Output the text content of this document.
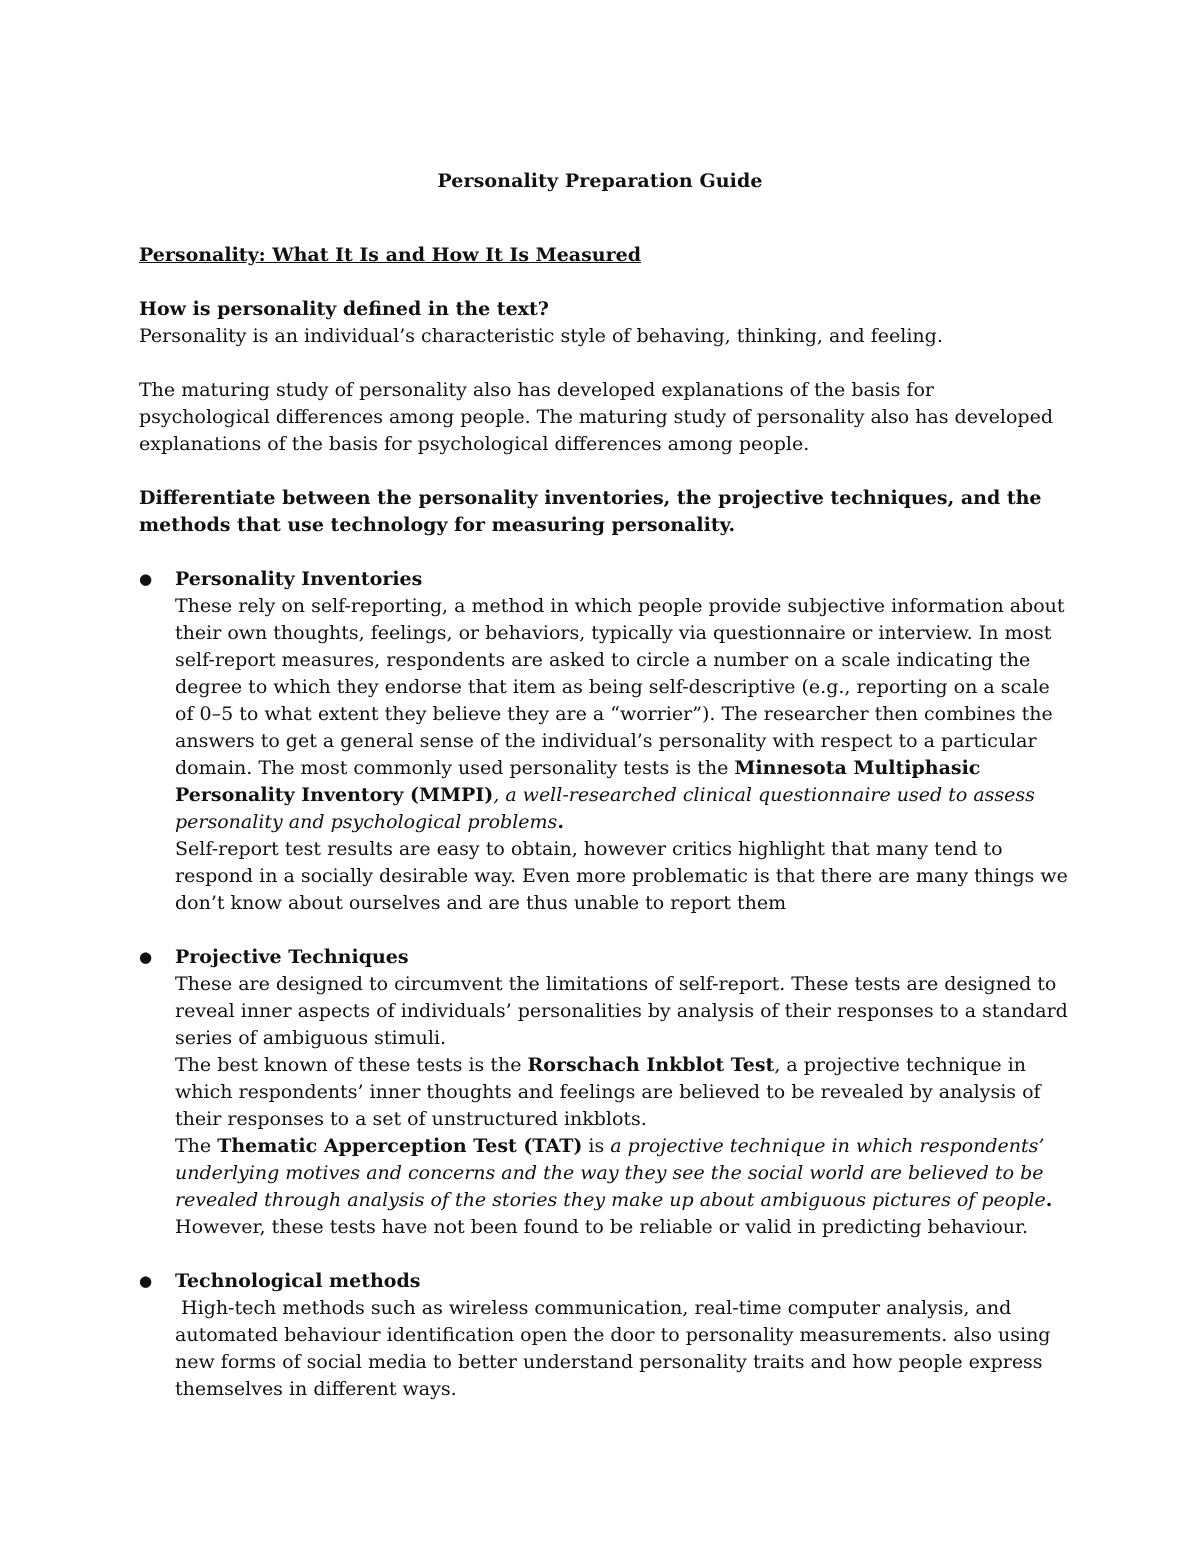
Personality Preparation Guide

Personality: What It Is and How It Is Measured

How is personality defined in the text?

Personality is an individual’s characteristic style of behaving, thinking, and feeling.

The maturing study of personality also has developed explanations of the basis for psychological differences among people. The maturing study of personality also has developed explanations of the basis for psychological differences among people.

Differentiate between the personality inventories, the projective techniques, and the methods that use technology for measuring personality.

●	Personality Inventories
These rely on self-reporting, a method in which people provide subjective information about their own thoughts, feelings, or behaviors, typically via questionnaire or interview. In most self-report measures, respondents are asked to circle a number on a scale indicating the degree to which they endorse that item as being self-descriptive (e.g., reporting on a scale of 0–5 to what extent they believe they are a “worrier”). The researcher then combines the answers to get a general sense of the individual’s personality with respect to a particular domain. The most commonly used personality tests is the Minnesota Multiphasic Personality Inventory (MMPI), a well-researched clinical questionnaire used to assess personality and psychological problems.
Self-report test results are easy to obtain, however critics highlight that many tend to respond in a socially desirable way. Even more problematic is that there are many things we don’t know about ourselves and are thus unable to report them
●	Projective Techniques
These are designed to circumvent the limitations of self-report. These tests are designed to reveal inner aspects of individuals’ personalities by analysis of their responses to a standard series of ambiguous stimuli.
The best known of these tests is the Rorschach Inkblot Test, a projective technique in which respondents’ inner thoughts and feelings are believed to be revealed by analysis of their responses to a set of unstructured inkblots.
The Thematic Apperception Test (TAT) is a projective technique in which respondents’ underlying motives and concerns and the way they see the social world are believed to be revealed through analysis of the stories they make up about ambiguous pictures of people.
However, these tests have not been found to be reliable or valid in predicting behaviour.
●	Technological methods
High-tech methods such as wireless communication, real-time computer analysis, and automated behaviour identification open the door to personality measurements. also using new forms of social media to better understand personality traits and how people express themselves in different ways.
